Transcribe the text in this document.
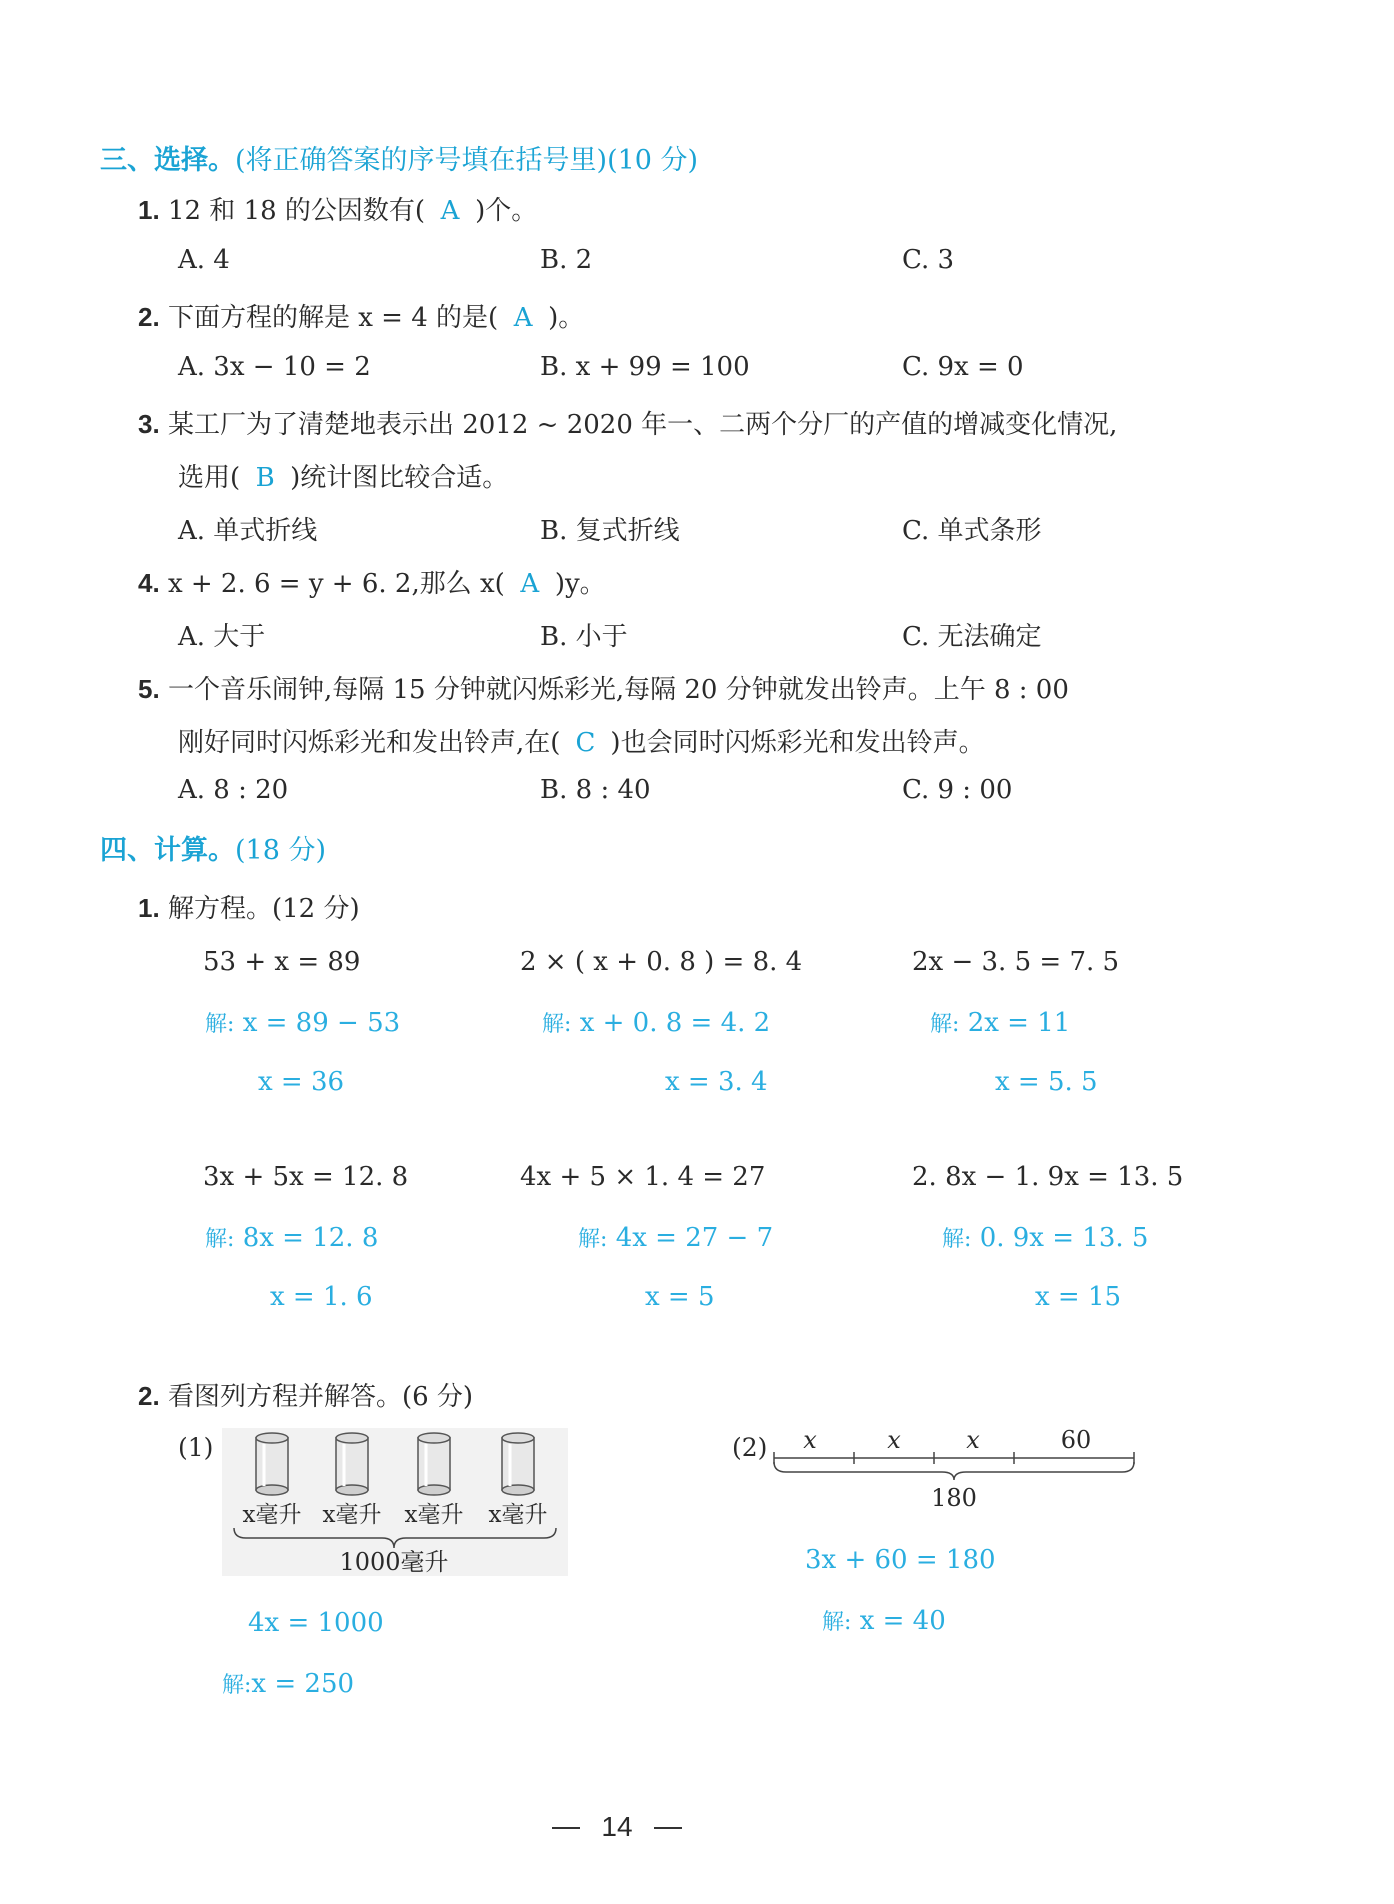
三、选择。(将正确答案的序号填在括号里)(10 分)
1. 12 和 18 的公因数有( A )个。
A. 4	B. 2	C. 3
2. 下面方程的解是 x = 4 的是( A )。
A. 3x − 10 = 2	B. x + 99 = 100	C. 9x = 0
3. 某工厂为了清楚地表示出 2012 ~ 2020 年一、二两个分厂的产值的增减变化情况,
选用( B )统计图比较合适。
A. 单式折线	B. 复式折线	C. 单式条形
4. x + 2. 6 = y + 6. 2,那么 x( A )y。
A. 大于	B. 小于	C. 无法确定
5. 一个音乐闹钟,每隔 15 分钟就闪烁彩光,每隔 20 分钟就发出铃声。上午 8 : 00
刚好同时闪烁彩光和发出铃声,在( C )也会同时闪烁彩光和发出铃声。
A. 8 : 20	B. 8 : 40	C. 9 : 00
四、计算。(18 分)
1. 解方程。(12 分)
53 + x = 89
解: x = 89 − 53
x = 36
2 × ( x + 0. 8 ) = 8. 4
解: x + 0. 8 = 4. 2
x = 3. 4
2x − 3. 5 = 7. 5
解: 2x = 11
x = 5. 5
3x + 5x = 12. 8
解: 8x = 12. 8
x = 1. 6
4x + 5 × 1. 4 = 27
解: 4x = 27 − 7
x = 5
2. 8x − 1. 9x = 13. 5
解: 0. 9x = 13. 5
x = 15
2. 看图列方程并解答。(6 分)
(1)
x毫升 x毫升 x毫升 x毫升
1000毫升
4x = 1000
解:x = 250
(2) x	x	x	60
180
3x + 60 = 180
解: x = 40
14
